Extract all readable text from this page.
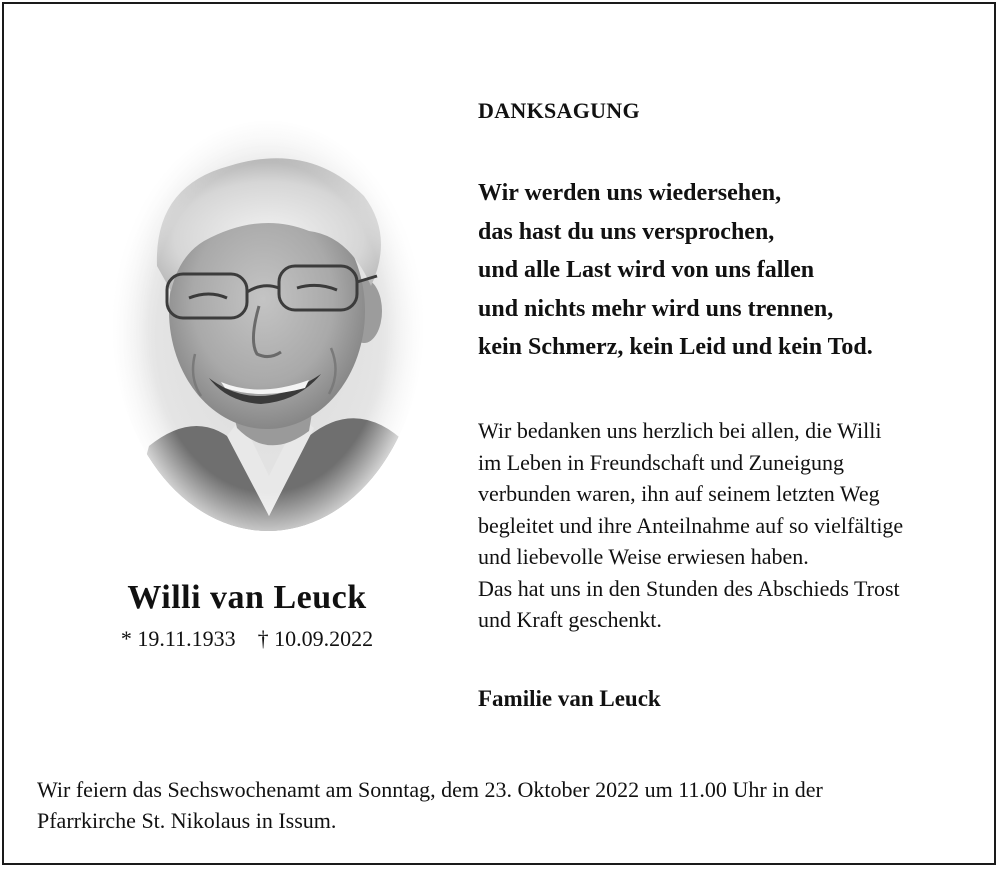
Willi van Leuck
* 19.11.1933    † 10.09.2022
DANKSAGUNG
Wir werden uns wiedersehen,
das hast du uns versprochen,
und alle Last wird von uns fallen
und nichts mehr wird uns trennen,
kein Schmerz, kein Leid und kein Tod.
Wir bedanken uns herzlich bei allen, die Willi
im Leben in Freundschaft und Zuneigung
verbunden waren, ihn auf seinem letzten Weg
begleitet und ihre Anteilnahme auf so vielfältige
und liebevolle Weise erwiesen haben.
Das hat uns in den Stunden des Abschieds Trost
und Kraft geschenkt.
Familie van Leuck
Wir feiern das Sechswochenamt am Sonntag, dem 23. Oktober 2022 um 11.00 Uhr in der
Pfarrkirche St. Nikolaus in Issum.
